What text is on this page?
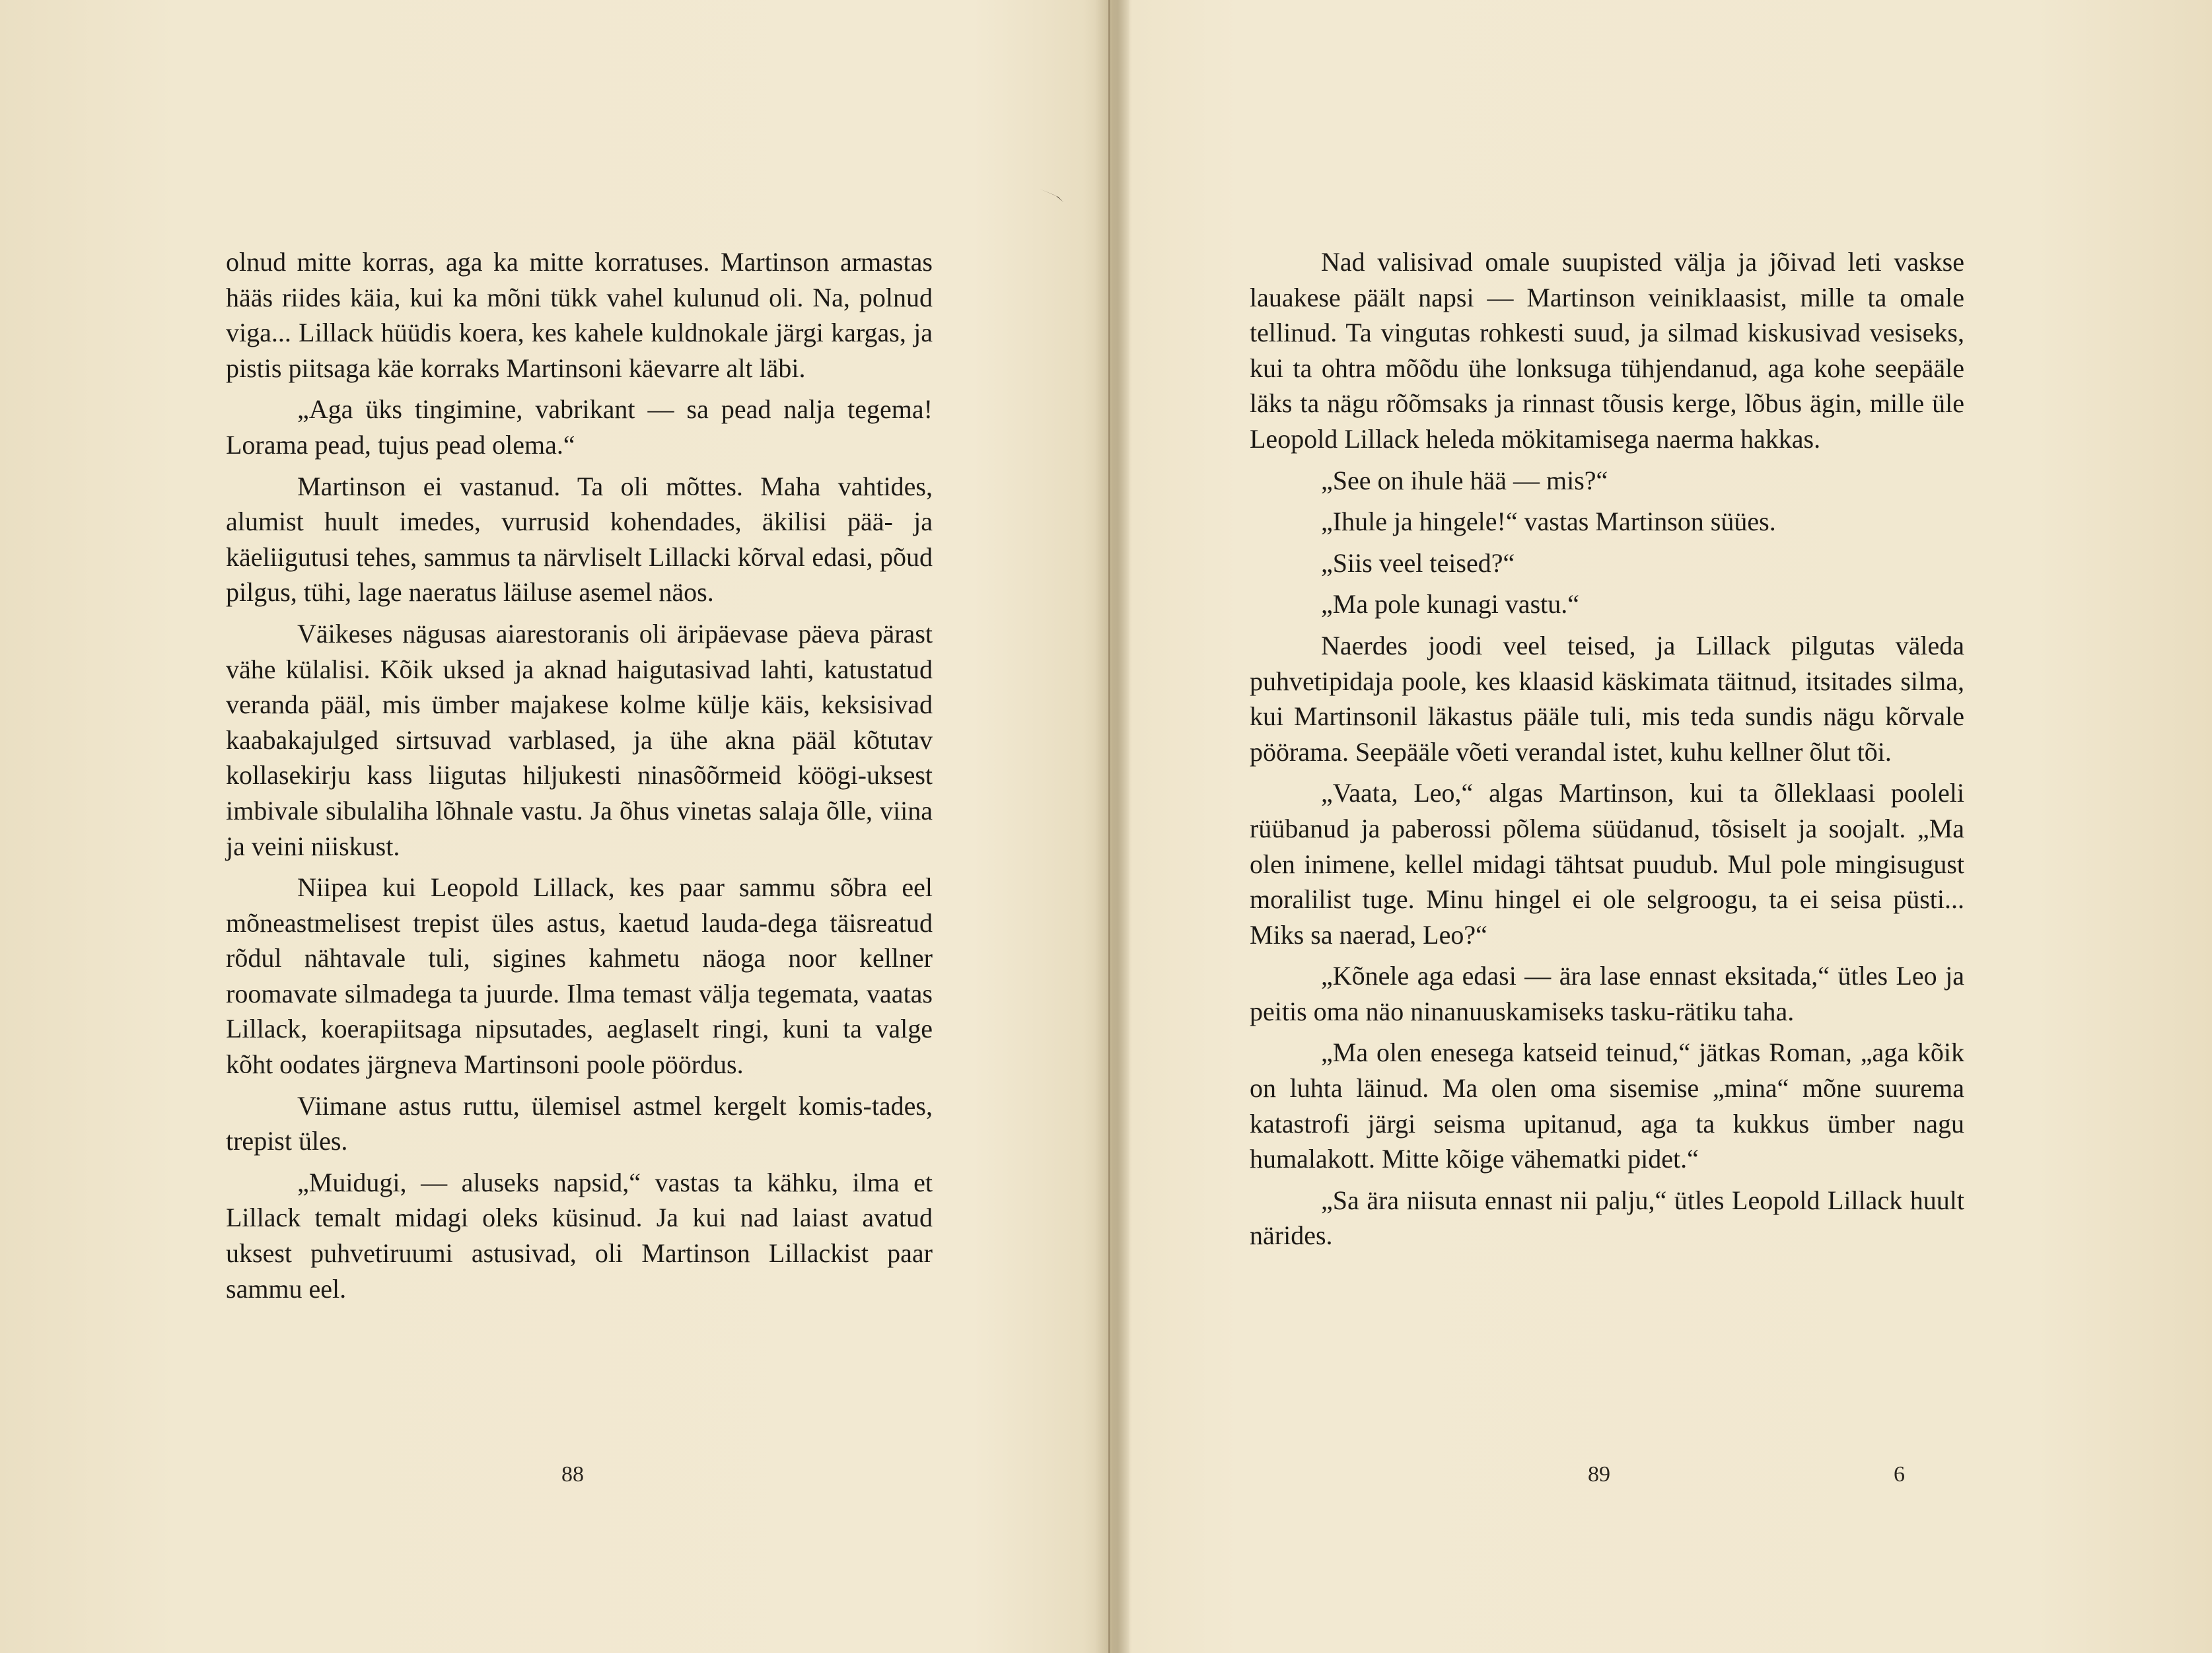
olnud mitte korras, aga ka mitte korratuses. Martinson armastas hääs riides käia, kui ka mõni tükk vahel kulunud oli. Na, polnud viga... Lillack hüüdis koera, kes kahele kuldnokale järgi kargas, ja pistis piitsaga käe korraks Martinsoni käevarre alt läbi.

„Aga üks tingimine, vabrikant — sa pead nalja tegema! Lorama pead, tujus pead olema.“

Martinson ei vastanud. Ta oli mõttes. Maha vahtides, alumist huult imedes, vurrusid kohendades, äkilisi pää- ja käeliigutusi tehes, sammus ta närvliselt Lillacki kõrval edasi, põud pilgus, tühi, lage naeratus läiluse asemel näos.

Väikeses nägusas aiarestoranis oli äripäevase päeva pärast vähe külalisi. Kõik uksed ja aknad haigutasivad lahti, katustatud veranda pääl, mis ümber majakese kolme külje käis, keksisivad kaabakajulged sirtsuvad varblased, ja ühe akna pääl kõtutav kollasekirju kass liigutas hiljukesti ninasõõrmeid köögi-uksest imbivale sibulaliha lõhnale vastu. Ja õhus vinetas salaja õlle, viina ja veini niiskust.

Niipea kui Leopold Lillack, kes paar sammu sõbra eel mõneastmelisest trepist üles astus, kaetud lauda-dega täisreatud rõdul nähtavale tuli, sigines kahmetu näoga noor kellner roomavate silmadega ta juurde. Ilma temast välja tegemata, vaatas Lillack, koerapiitsaga nipsutades, aeglaselt ringi, kuni ta valge kõht oodates järgneva Martinsoni poole pöördus.

Viimane astus ruttu, ülemisel astmel kergelt komis-tades, trepist üles.

„Muidugi, — aluseks napsid,“ vastas ta kähku, ilma et Lillack temalt midagi oleks küsinud. Ja kui nad laiast avatud uksest puhvetiruumi astusivad, oli Martinson Lillackist paar sammu eel.

88

Nad valisivad omale suupisted välja ja jõivad leti vaskse lauakese päält napsi — Martinson veiniklaasist, mille ta omale tellinud. Ta vingutas rohkesti suud, ja silmad kiskusivad vesiseks, kui ta ohtra mõõdu ühe lonksuga tühjendanud, aga kohe seepääle läks ta nägu rõõmsaks ja rinnast tõusis kerge, lõbus ägin, mille üle Leopold Lillack heleda mökitamisega naerma hakkas.

„See on ihule hää — mis?“

„Ihule ja hingele!“ vastas Martinson süües.

„Siis veel teised?“

„Ma pole kunagi vastu.“

Naerdes joodi veel teised, ja Lillack pilgutas väleda puhvetipidaja poole, kes klaasid käskimata täitnud, itsitades silma, kui Martinsonil läkastus pääle tuli, mis teda sundis nägu kõrvale pöörama. Seepääle võeti verandal istet, kuhu kellner õlut tõi.

„Vaata, Leo,“ algas Martinson, kui ta õlleklaasi pooleli rüübanud ja paberossi põlema süüdanud, tõsiselt ja soojalt. „Ma olen inimene, kellel midagi tähtsat puudub. Mul pole mingisugust moralilist tuge. Minu hingel ei ole selgroogu, ta ei seisa püsti... Miks sa naerad, Leo?“

„Kõnele aga edasi — ära lase ennast eksitada,“ ütles Leo ja peitis oma näo ninanuuskamiseks tasku-rätiku taha.

„Ma olen enesega katseid teinud,“ jätkas Roman, „aga kõik on luhta läinud. Ma olen oma sisemise „mina“ mõne suurema katastrofi järgi seisma upitanud, aga ta kukkus ümber nagu humalakott. Mitte kõige vähematki pidet.“

„Sa ära niisuta ennast nii palju,“ ütles Leopold Lillack huult närides.

89	6
